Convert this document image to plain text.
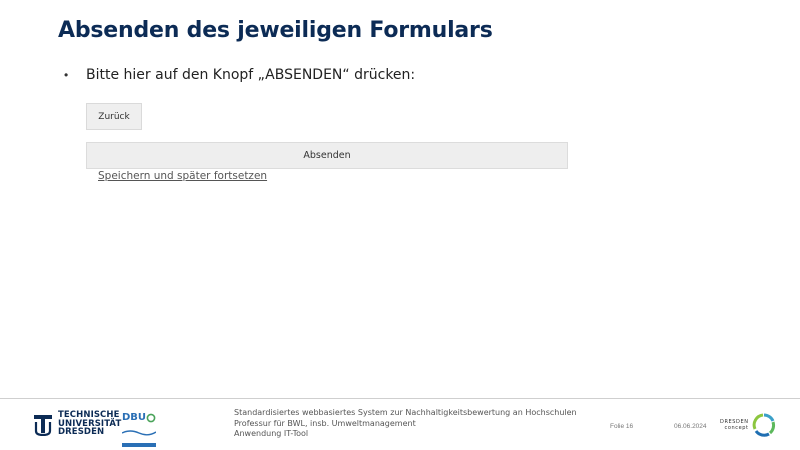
Absenden des jeweiligen Formulars
•	Bitte hier auf den Knopf „ABSENDEN“ drücken:
Zurück
Absenden
Speichern und später fortsetzen
TECHNISCHE
UNIVERSITÄT
DRESDEN
DBU	Standardisiertes webbasiertes System zur Nachhaltigkeitsbewertung an Hochschulen
Professur für BWL, insb. Umweltmanagement
Anwendung IT-Tool
Folie 16	06.06.2024
DRESDEN
concept
